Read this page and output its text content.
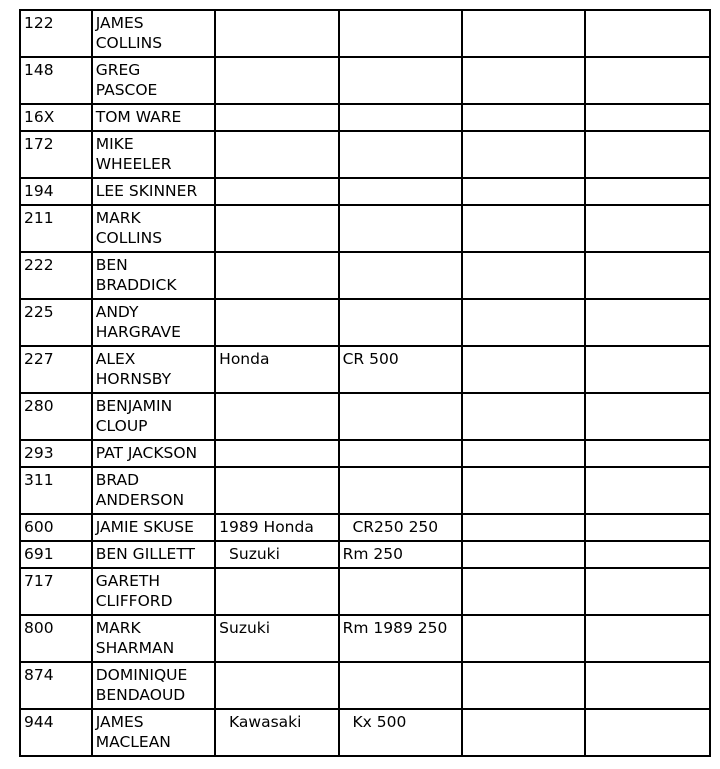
122	JAMES
COLLINS				

148	GREG
PASCOE				

16X	TOM WARE				

172	MIKE
WHEELER				

194	LEE SKINNER				

211	MARK
COLLINS				

222	BEN
BRADDICK				

225	ANDY
HARGRAVE				

227	ALEX
HORNSBY	Honda	CR 500		

280	BENJAMIN
CLOUP				

293	PAT JACKSON				

311	BRAD
ANDERSON				

600	JAMIE SKUSE	1989 Honda	CR250 250		

691	BEN GILLETT	Suzuki	Rm 250		

717	GARETH
CLIFFORD				

800	MARK
SHARMAN	Suzuki	Rm 1989 250		

874	DOMINIQUE
BENDAOUD				

944	JAMES
MACLEAN	Kawasaki	Kx 500		
